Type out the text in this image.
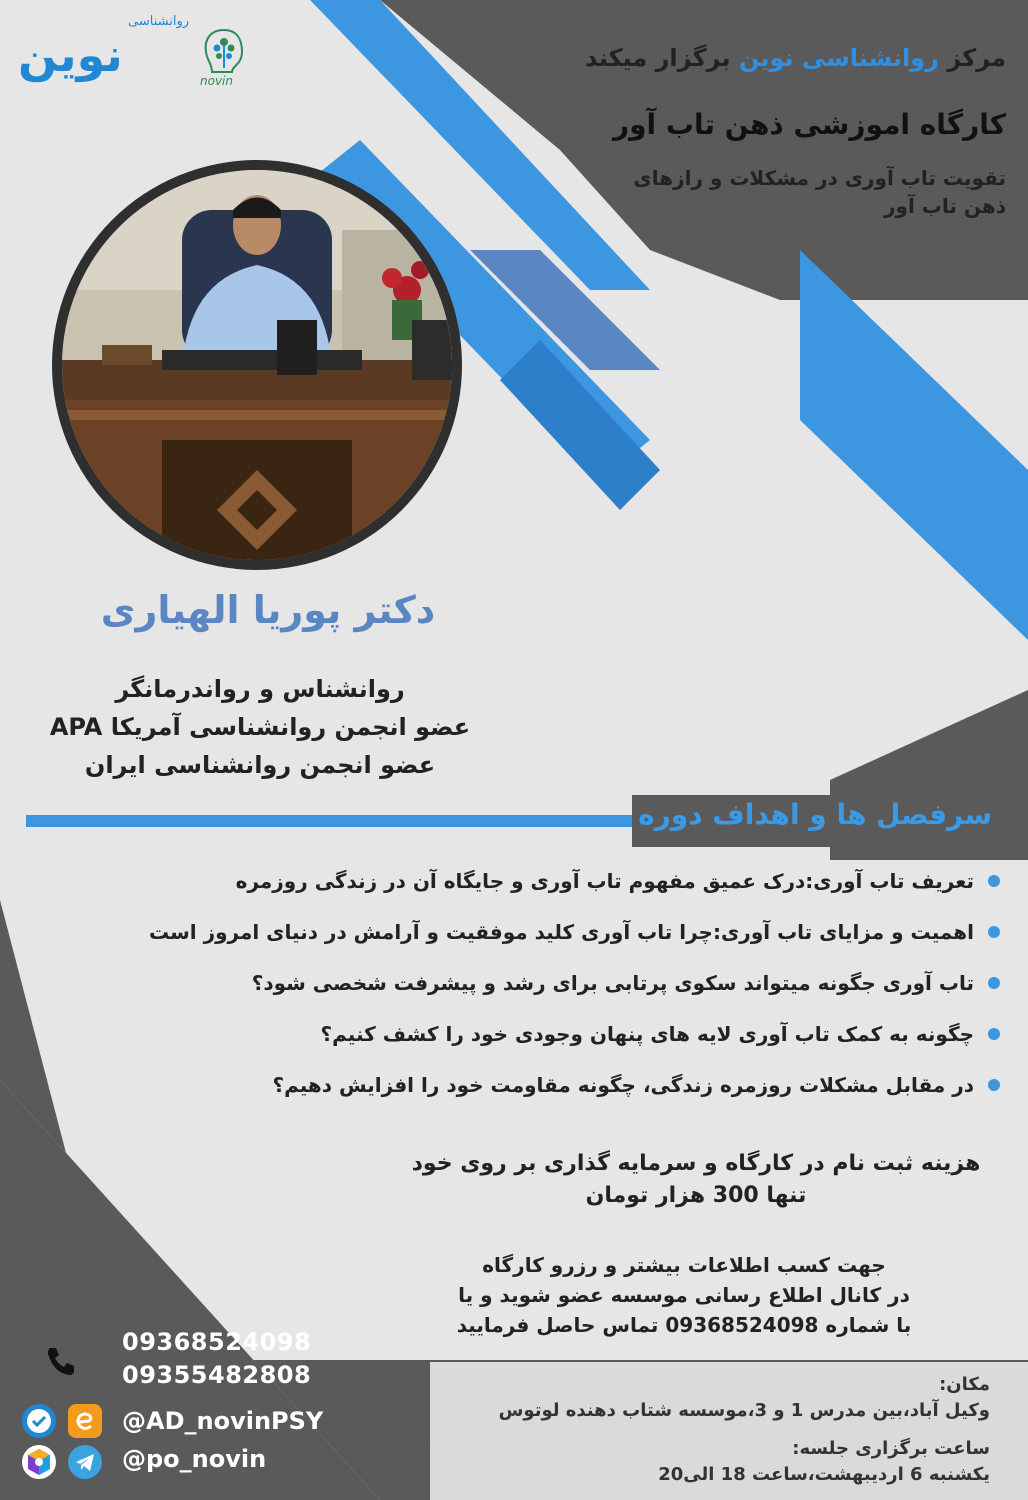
روانشناسی
نوین	novin
مرکز روانشناسی نوین برگزار میکند
کارگاه اموزشی ذهن تاب آور
تقویت تاب آوری در مشکلات و رازهای ذهن تاب آور
دکتر پوریا الهیاری
روانشناس و رواندرمانگر
عضو انجمن روانشناسی آمریکا APA
عضو انجمن روانشناسی ایران
سرفصل ها و اهداف دوره
تعریف تاب آوری:درک عمیق مفهوم تاب آوری و جایگاه آن در زندگی روزمره
اهمیت و مزایای تاب آوری:چرا تاب آوری کلید موفقیت و آرامش در دنیای امروز است
تاب آوری جگونه میتواند سکوی پرتابی برای رشد و پیشرفت شخصی شود؟
چگونه به کمک تاب آوری لایه های پنهان وجودی خود را کشف کنیم؟
در مقابل مشکلات روزمره زندگی، چگونه مقاومت خود را افزایش دهیم؟
هزینه ثبت نام در کارگاه و سرمایه گذاری بر روی خود
تنها 300 هزار تومان
جهت کسب اطلاعات بیشتر و رزرو کارگاه
در کانال اطلاع رسانی موسسه عضو شوید و یا
با شماره 09368524098 تماس حاصل فرمایید
09368524098
09355482808
@AD_novinPSY
@po_novin
مکان:
وکیل آباد،بین مدرس 1 و 3،موسسه شتاب دهنده لوتوس
ساعت برگزاری جلسه:
یکشنبه 6 اردیبهشت،ساعت 18 الی20
